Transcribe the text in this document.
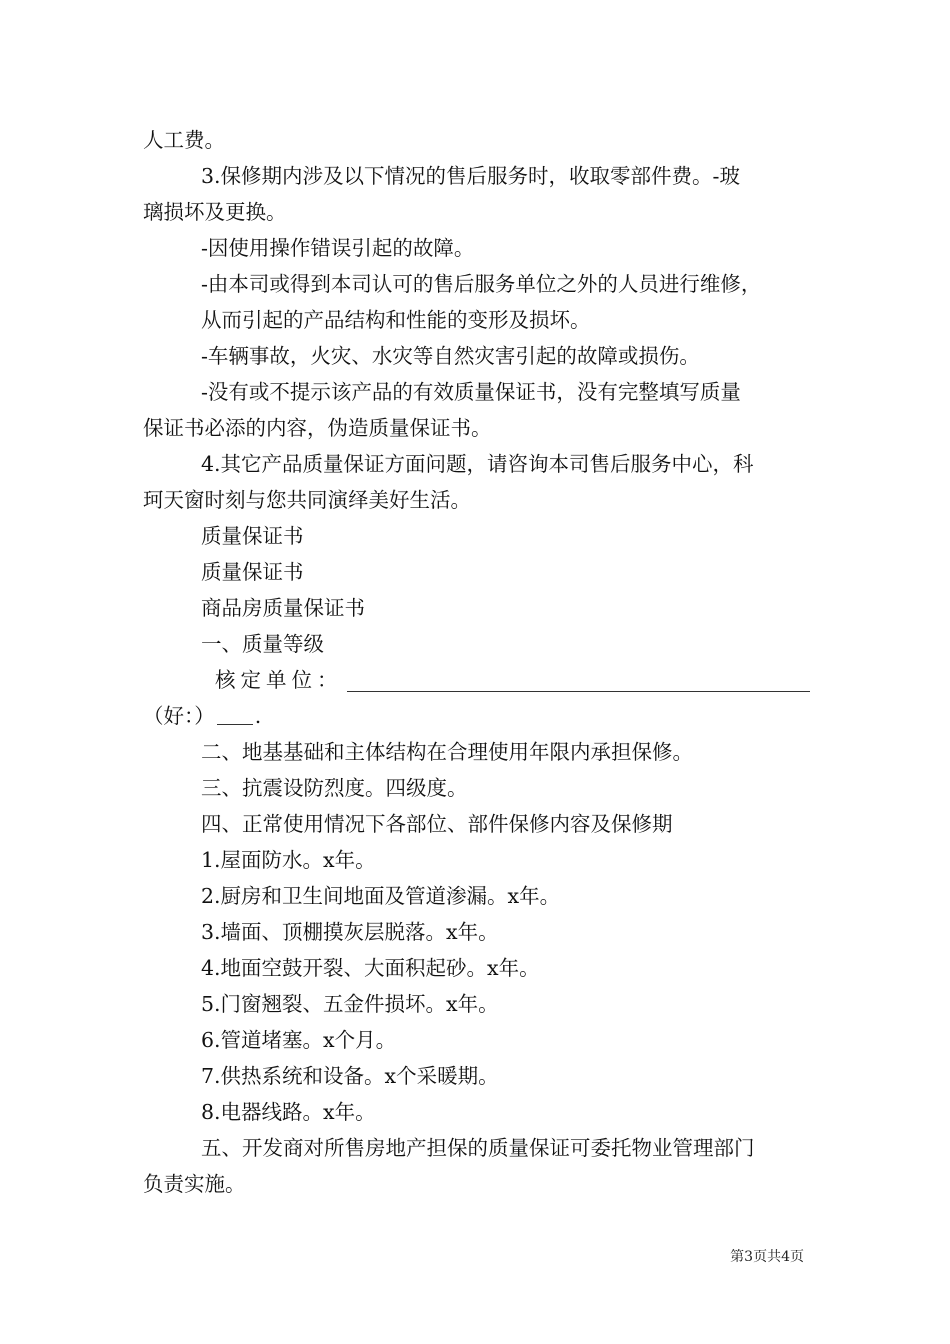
人工费。
3.保修期内涉及以下情况的售后服务时，收取零部件费。-玻
璃损坏及更换。
-因使用操作错误引起的故障。
-由本司或得到本司认可的售后服务单位之外的人员进行维修，
从而引起的产品结构和性能的变形及损坏。
-车辆事故，火灾、水灾等自然灾害引起的故障或损伤。
-没有或不提示该产品的有效质量保证书，没有完整填写质量
保证书必添的内容，伪造质量保证书。
4.其它产品质量保证方面问题，请咨询本司售后服务中心，科
珂天窗时刻与您共同演绎美好生活。
质量保证书
质量保证书
商品房质量保证书
一、质量等级
核定单位：
（好：） .
二、地基基础和主体结构在合理使用年限内承担保修。
三、抗震设防烈度。四级度。
四、正常使用情况下各部位、部件保修内容及保修期
1.屋面防水。x年。
2.厨房和卫生间地面及管道渗漏。x年。
3.墙面、顶棚摸灰层脱落。x年。
4.地面空鼓开裂、大面积起砂。x年。
5.门窗翘裂、五金件损坏。x年。
6.管道堵塞。x个月。
7.供热系统和设备。x个采暖期。
8.电器线路。x年。
五、开发商对所售房地产担保的质量保证可委托物业管理部门
负责实施。
第3页共4页
